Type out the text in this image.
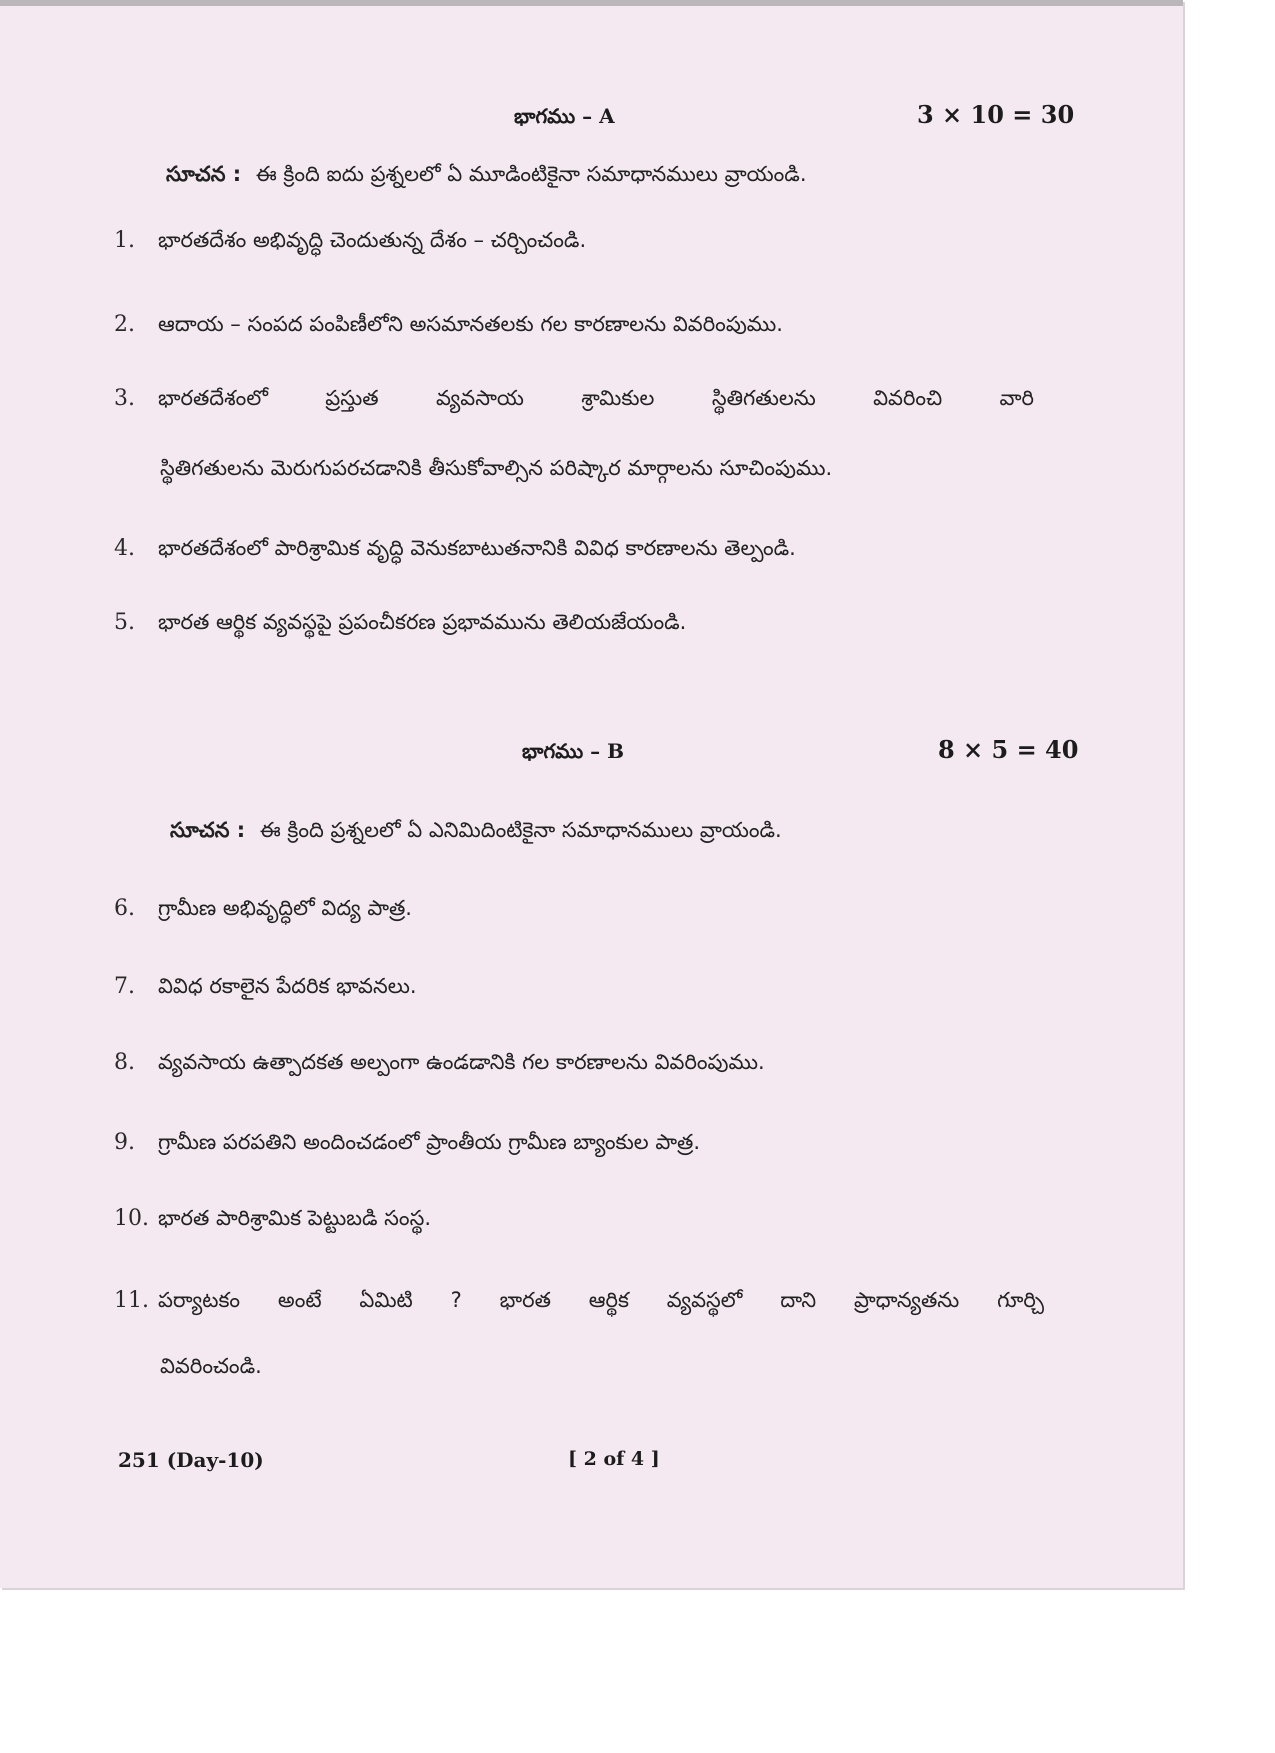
భాగము – A	3 × 10 = 30
సూచన : ఈ క్రింది ఐదు ప్రశ్నలలో ఏ మూడింటికైనా సమాధానములు వ్రాయండి.
1. భారతదేశం అభివృద్ధి చెందుతున్న దేశం – చర్చించండి.
2. ఆదాయ – సంపద పంపిణీలోని అసమానతలకు గల కారణాలను వివరింపుము.
3.	భారతదేశంలో ప్రస్తుత వ్యవసాయ శ్రామికుల స్థితిగతులను వివరించి వారి
స్థితిగతులను మెరుగుపరచడానికి తీసుకోవాల్సిన పరిష్కార మార్గాలను సూచింపుము.
4. భారతదేశంలో పారిశ్రామిక వృద్ధి వెనుకబాటుతనానికి వివిధ కారణాలను తెల్పండి.
5. భారత ఆర్థిక వ్యవస్థపై ప్రపంచీకరణ ప్రభావమును తెలియజేయండి.
భాగము – B	8 × 5 = 40
సూచన : ఈ క్రింది ప్రశ్నలలో ఏ ఎనిమిదింటికైనా సమాధానములు వ్రాయండి.
6. గ్రామీణ అభివృద్ధిలో విద్య పాత్ర.
7. వివిధ రకాలైన పేదరిక భావనలు.
8. వ్యవసాయ ఉత్పాదకత అల్పంగా ఉండడానికి గల కారణాలను వివరింపుము.
9. గ్రామీణ పరపతిని అందించడంలో ప్రాంతీయ గ్రామీణ బ్యాంకుల పాత్ర.
10. భారత పారిశ్రామిక పెట్టుబడి సంస్థ.
11. పర్యాటకం అంటే ఏమిటి ? భారత ఆర్థిక వ్యవస్థలో దాని ప్రాధాన్యతను గూర్చి
వివరించండి.
251 (Day-10)	[ 2 of 4 ]
